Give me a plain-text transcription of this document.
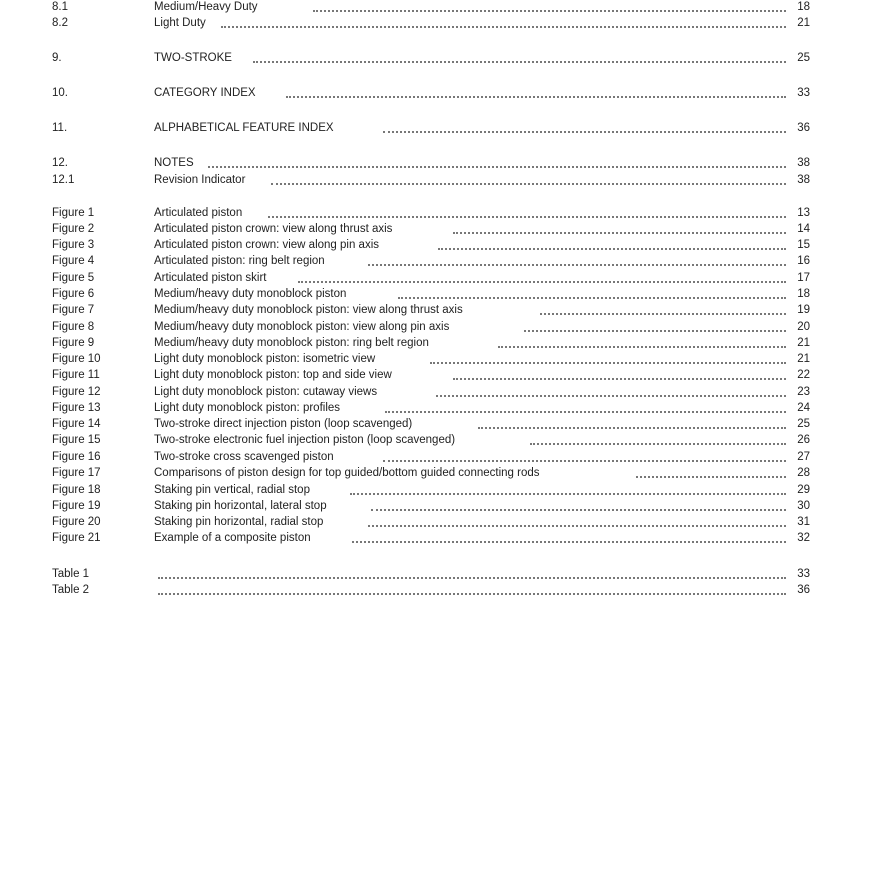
8.1	Medium/Heavy Duty	18
8.2	Light Duty	21
9.	TWO-STROKE	25
10.	CATEGORY INDEX	33
11.	ALPHABETICAL FEATURE INDEX	36
12.	NOTES	38
12.1	Revision Indicator	38
Figure 1	Articulated piston	13
Figure 2	Articulated piston crown: view along thrust axis	14
Figure 3	Articulated piston crown: view along pin axis	15
Figure 4	Articulated piston: ring belt region	16
Figure 5	Articulated piston skirt	17
Figure 6	Medium/heavy duty monoblock piston	18
Figure 7	Medium/heavy duty monoblock piston: view along thrust axis	19
Figure 8	Medium/heavy duty monoblock piston: view along pin axis	20
Figure 9	Medium/heavy duty monoblock piston: ring belt region	21
Figure 10	Light duty monoblock piston: isometric view	21
Figure 11	Light duty monoblock piston: top and side view	22
Figure 12	Light duty monoblock piston: cutaway views	23
Figure 13	Light duty monoblock piston: profiles	24
Figure 14	Two-stroke direct injection piston (loop scavenged)	25
Figure 15	Two-stroke electronic fuel injection piston (loop scavenged)	26
Figure 16	Two-stroke cross scavenged piston	27
Figure 17	Comparisons of piston design for top guided/bottom guided connecting rods	28
Figure 18	Staking pin vertical, radial stop	29
Figure 19	Staking pin horizontal, lateral stop	30
Figure 20	Staking pin horizontal, radial stop	31
Figure 21	Example of a composite piston	32
Table 1	33
Table 2	36
